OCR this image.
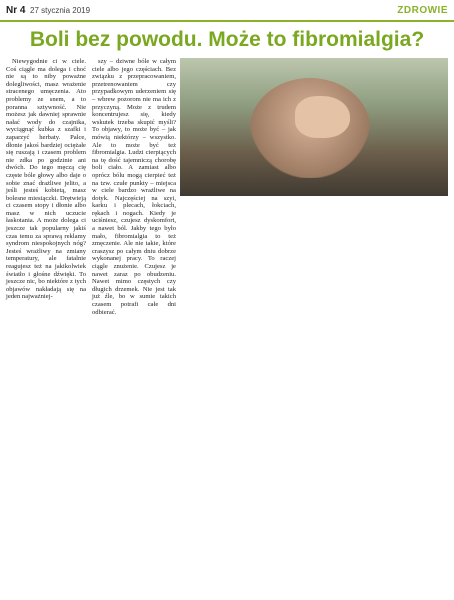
Nr 4 27 stycznia 2019	ZDROWIE
Boli bez powodu. Może to fibromialgia?

Niewygodnie ci w ciele. Coś ciągle ma dolega i choć nie są to niby poważne dolegliwości, masz wrażenie stracenego umęczenia. Ato problemy ze snem, a to poranna sztywność. Nie możesz jak dawniej sprawnie nałać wody do czajnika, wyciągnąć kubka z szafki i zaparzyć herbaty. Palce, dłonie jakoś bardziej ociężałe się ruszają i czasem problem nie zdka po godzinie ani dwóch. Do tego męczą cię częste bóle głowy albo daje o sobie znać drażliwe jelito, a jeśli jesteś kobietą, masz bolesne miesiączki. Drętwieją ci czasem stopy i dłonie albo masz w nich uczucie łaskotania. A może dolega ci jeszcze tak popularny jakiś czas temu za sprawą reklamy syndrom niespokojnych nóg? Jesteś wrażliwy na zmiany temperatury, ale fatalnie reagujesz też na jakikolwiek światło i głośne dźwięki. To jeszcze nic, bo niektóre z tych objawów nakładają się na jeden najważniej-

szy – dziwne bóle w całym ciele albo jego częściach. Bez związku z przepracowaniem, przetrenowaniem czy przypadkowym uderzeniem się – wbrew pozorom nie ma ich z przyczyną. Może z trudem koncentrujesz się, kiedy wskutek trzeba skupić myśli? To objawy, to może być – jak mówią niektórzy – wszystko. Ale to może być też fibromialgia. Ludzi cierpiących na tę dość tajemniczą chorobę boli ciało. A zamiast albo oprócz bólu mogą cierpieć też na tzw. czułe punkty – miejsca w ciele bardzo wrażliwe na dotyk. Najczęściej na szyi, karku i plecach, łokciach, rękach i nogach. Kiedy je uciśniesz, czujesz dyskomfort, a nawet ból. Jakby tego było mało, fibromialgia to też zmęczenie. Ale nie takie, które craszysz po całym dniu dobrze wykonanej pracy. To raczej ciągle znużenie. Czujesz je nawet zaraz po obudzeniu. Nawet mimo częstych czy długich drzemek. Nie jest tak już źle, bo w sumie takich czasem potrafi całe dni odbierać.
